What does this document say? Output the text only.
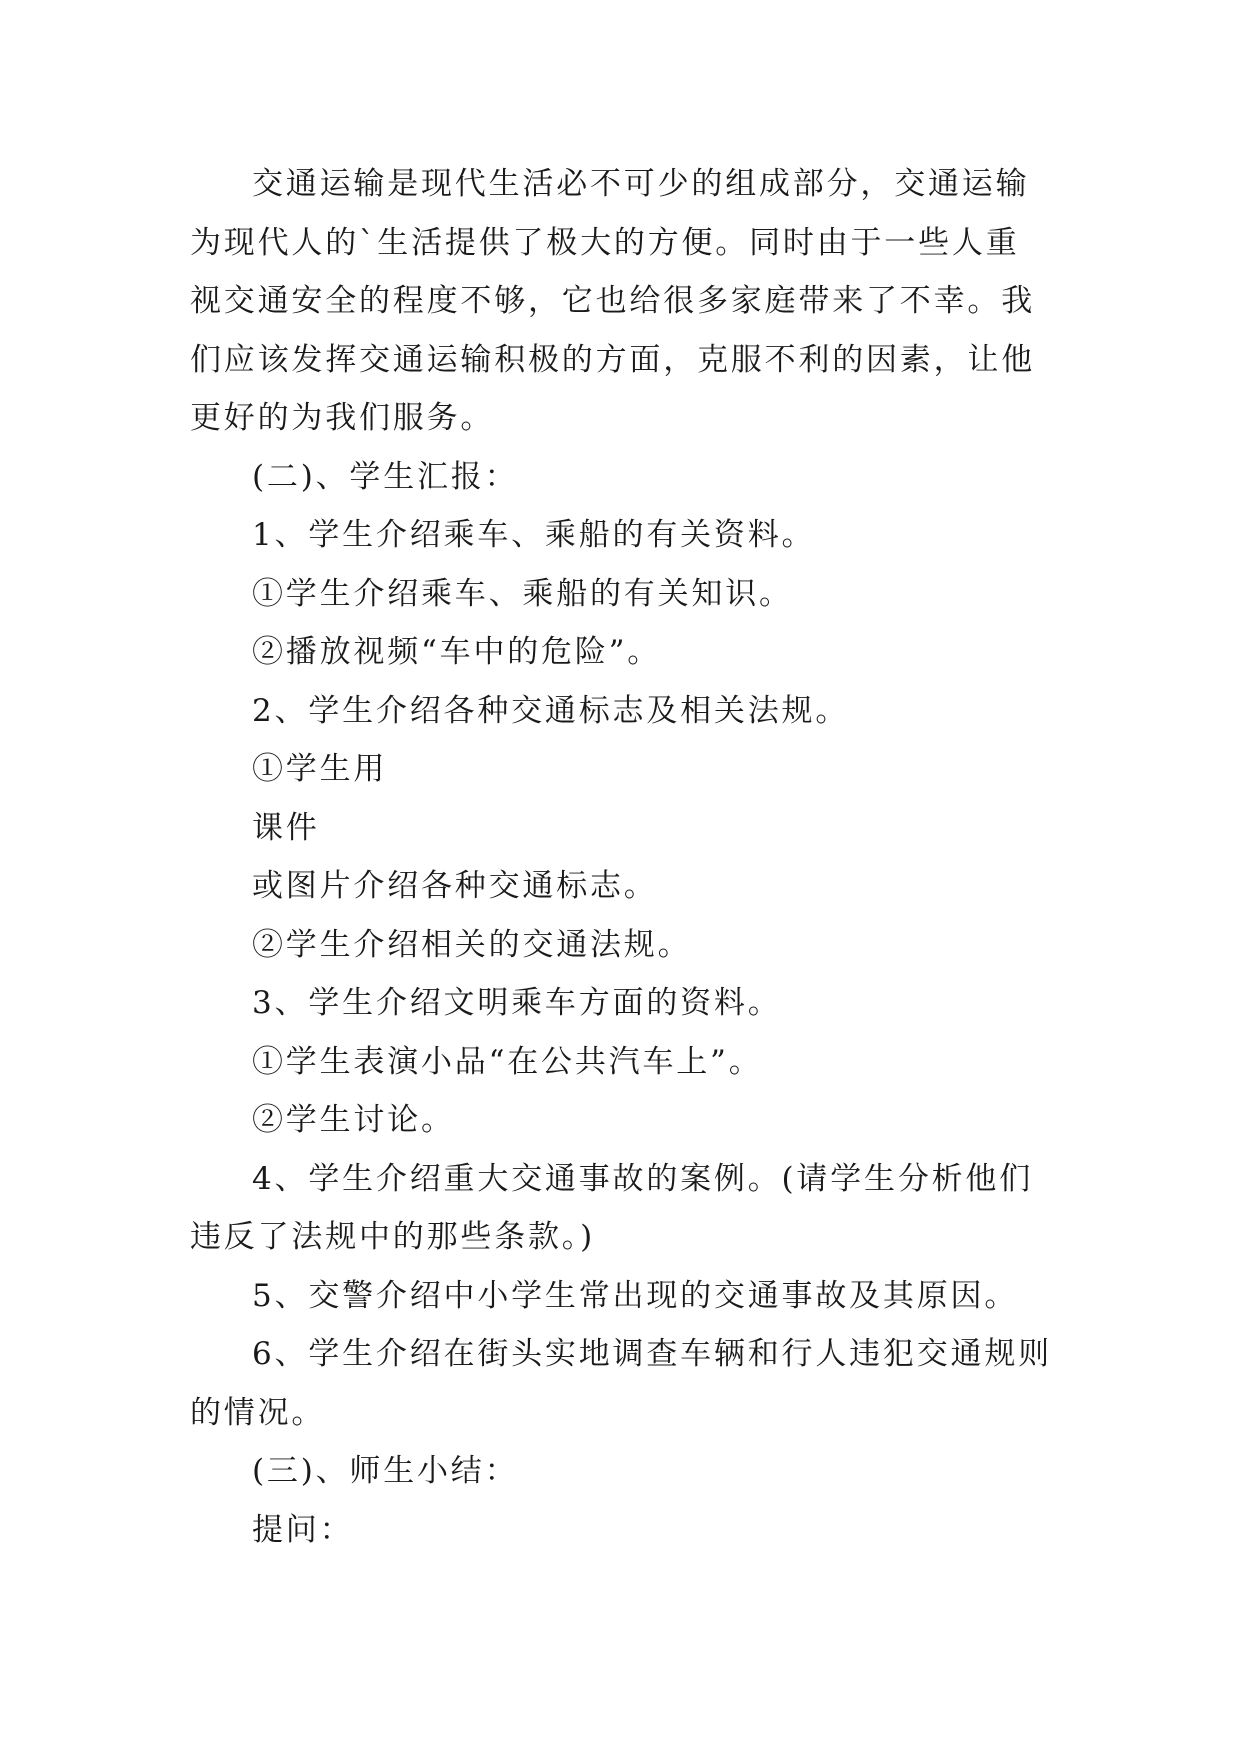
交通运输是现代生活必不可少的组成部分，交通运输为现代人的`生活提供了极大的方便。同时由于一些人重视交通安全的程度不够，它也给很多家庭带来了不幸。我们应该发挥交通运输积极的方面，克服不利的因素，让他更好的为我们服务。

(二)、学生汇报：

1、学生介绍乘车、乘船的有关资料。

①学生介绍乘车、乘船的有关知识。

②播放视频“车中的危险”。

2、学生介绍各种交通标志及相关法规。

①学生用

课件

或图片介绍各种交通标志。

②学生介绍相关的交通法规。

3、学生介绍文明乘车方面的资料。

①学生表演小品“在公共汽车上”。

②学生讨论。

4、学生介绍重大交通事故的案例。(请学生分析他们违反了法规中的那些条款。)

5、交警介绍中小学生常出现的交通事故及其原因。

6、学生介绍在街头实地调查车辆和行人违犯交通规则的情况。

(三)、师生小结：

提问：
